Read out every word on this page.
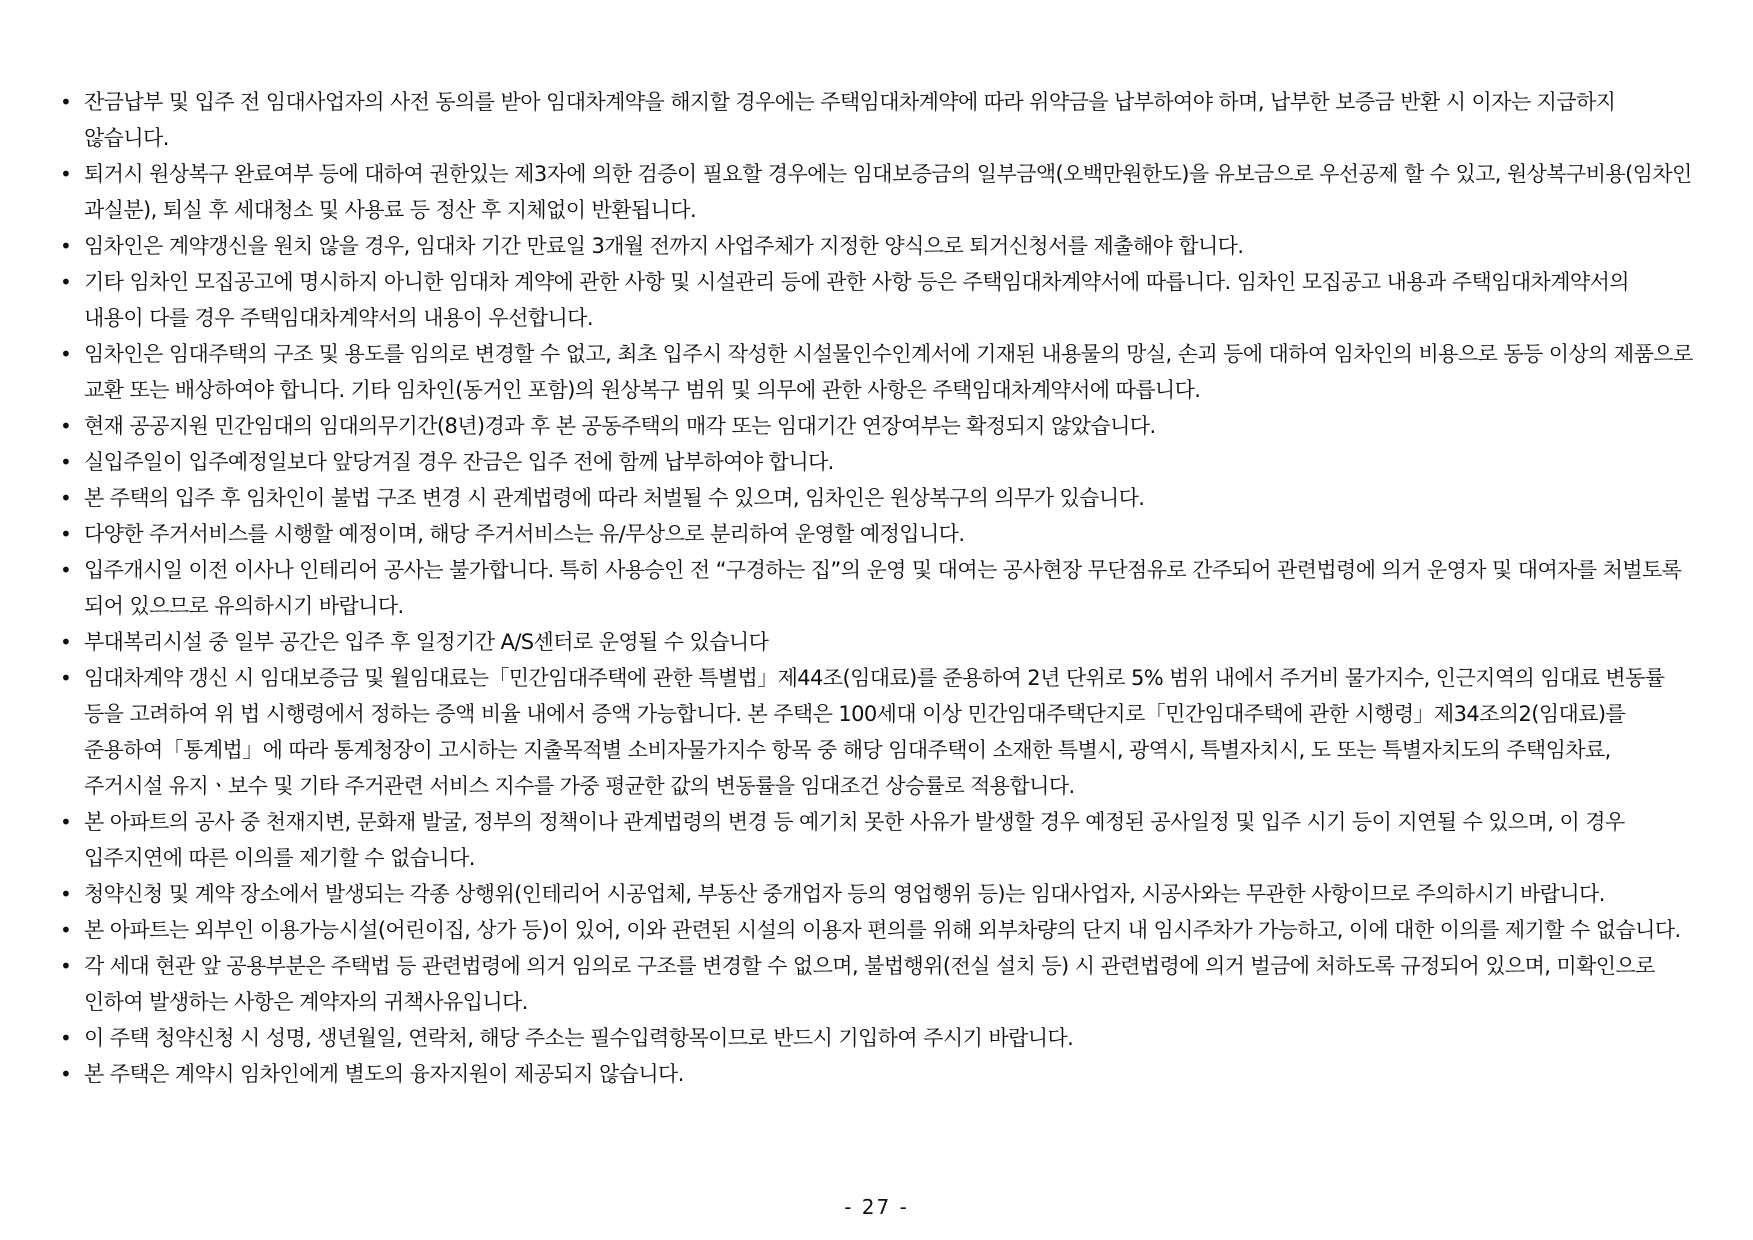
• 잔금납부 및 입주 전 임대사업자의 사전 동의를 받아 임대차계약을 해지할 경우에는 주택임대차계약에 따라 위약금을 납부하여야 하며, 납부한 보증금 반환 시 이자는 지급하지 않습니다.
• 퇴거시 원상복구 완료여부 등에 대하여 권한있는 제3자에 의한 검증이 필요할 경우에는 임대보증금의 일부금액(오백만원한도)을 유보금으로 우선공제 할 수 있고, 원상복구비용(임차인 과실분), 퇴실 후 세대청소 및 사용료 등 정산 후 지체없이 반환됩니다.
• 임차인은 계약갱신을 원치 않을 경우, 임대차 기간 만료일 3개월 전까지 사업주체가 지정한 양식으로 퇴거신청서를 제출해야 합니다.
• 기타 임차인 모집공고에 명시하지 아니한 임대차 계약에 관한 사항 및 시설관리 등에 관한 사항 등은 주택임대차계약서에 따릅니다. 임차인 모집공고 내용과 주택임대차계약서의 내용이 다를 경우 주택임대차계약서의 내용이 우선합니다.
• 임차인은 임대주택의 구조 및 용도를 임의로 변경할 수 없고, 최초 입주시 작성한 시설물인수인계서에 기재된 내용물의 망실, 손괴 등에 대하여 임차인의 비용으로 동등 이상의 제품으로 교환 또는 배상하여야 합니다. 기타 임차인(동거인 포함)의 원상복구 범위 및 의무에 관한 사항은 주택임대차계약서에 따릅니다.
• 현재 공공지원 민간임대의 임대의무기간(8년)경과 후 본 공동주택의 매각 또는 임대기간 연장여부는 확정되지 않았습니다.
• 실입주일이 입주예정일보다 앞당겨질 경우 잔금은 입주 전에 함께 납부하여야 합니다.
• 본 주택의 입주 후 임차인이 불법 구조 변경 시 관계법령에 따라 처벌될 수 있으며, 임차인은 원상복구의 의무가 있습니다.
• 다양한 주거서비스를 시행할 예정이며, 해당 주거서비스는 유/무상으로 분리하여 운영할 예정입니다.
• 입주개시일 이전 이사나 인테리어 공사는 불가합니다. 특히 사용승인 전 “구경하는 집”의 운영 및 대여는 공사현장 무단점유로 간주되어 관련법령에 의거 운영자 및 대여자를 처벌토록 되어 있으므로 유의하시기 바랍니다.
• 부대복리시설 중 일부 공간은 입주 후 일정기간 A/S센터로 운영될 수 있습니다
• 임대차계약 갱신 시 임대보증금 및 월임대료는「민간임대주택에 관한 특별법」제44조(임대료)를 준용하여 2년 단위로 5% 범위 내에서 주거비 물가지수, 인근지역의 임대료 변동률 등을 고려하여 위 법 시행령에서 정하는 증액 비율 내에서 증액 가능합니다. 본 주택은 100세대 이상 민간임대주택단지로「민간임대주택에 관한 시행령」제34조의2(임대료)를 준용하여「통계법」에 따라 통계청장이 고시하는 지출목적별 소비자물가지수 항목 중 해당 임대주택이 소재한 특별시, 광역시, 특별자치시, 도 또는 특별자치도의 주택임차료, 주거시설 유지ㆍ보수 및 기타 주거관련 서비스 지수를 가중 평균한 값의 변동률을 임대조건 상승률로 적용합니다.
• 본 아파트의 공사 중 천재지변, 문화재 발굴, 정부의 정책이나 관계법령의 변경 등 예기치 못한 사유가 발생할 경우 예정된 공사일정 및 입주 시기 등이 지연될 수 있으며, 이 경우 입주지연에 따른 이의를 제기할 수 없습니다.
• 청약신청 및 계약 장소에서 발생되는 각종 상행위(인테리어 시공업체, 부동산 중개업자 등의 영업행위 등)는 임대사업자, 시공사와는 무관한 사항이므로 주의하시기 바랍니다.
• 본 아파트는 외부인 이용가능시설(어린이집, 상가 등)이 있어, 이와 관련된 시설의 이용자 편의를 위해 외부차량의 단지 내 임시주차가 가능하고, 이에 대한 이의를 제기할 수 없습니다.
• 각 세대 현관 앞 공용부분은 주택법 등 관련법령에 의거 임의로 구조를 변경할 수 없으며, 불법행위(전실 설치 등) 시 관련법령에 의거 벌금에 처하도록 규정되어 있으며, 미확인으로 인하여 발생하는 사항은 계약자의 귀책사유입니다.
• 이 주택 청약신청 시 성명, 생년월일, 연락처, 해당 주소는 필수입력항목이므로 반드시 기입하여 주시기 바랍니다.
• 본 주택은 계약시 임차인에게 별도의 융자지원이 제공되지 않습니다.
- 27 -
